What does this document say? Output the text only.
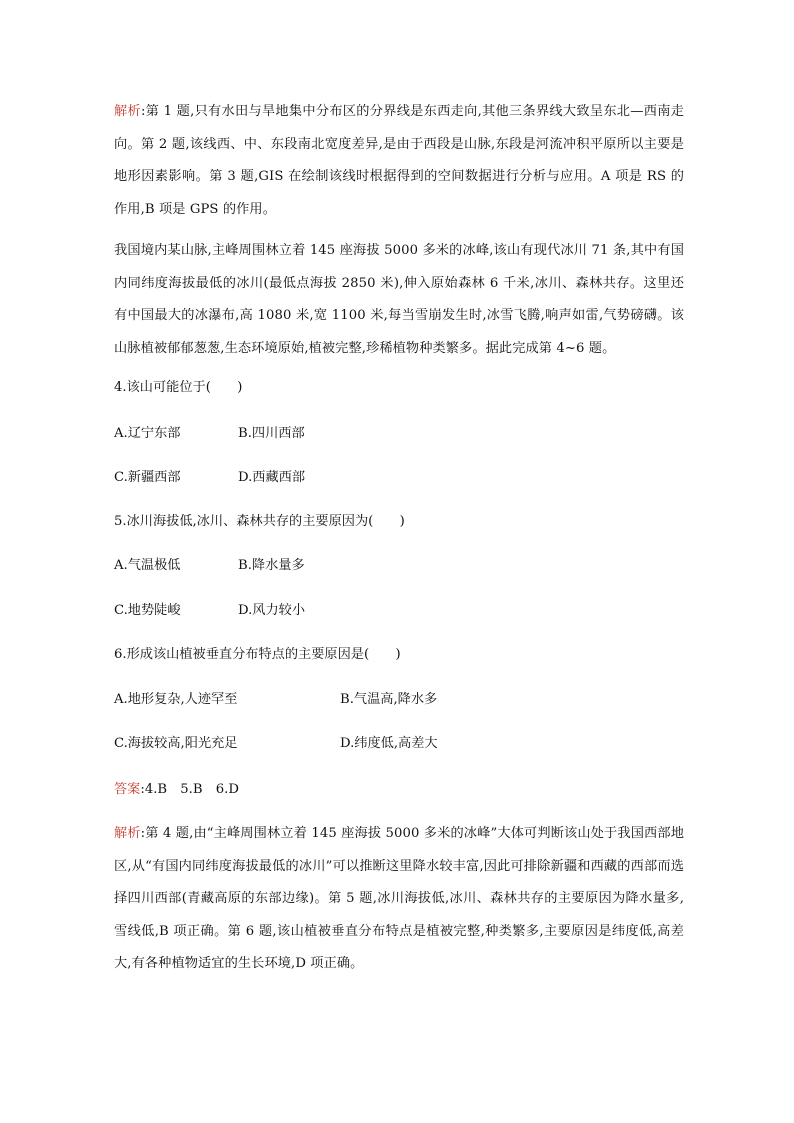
解析:第 1 题,只有水田与旱地集中分布区的分界线是东西走向,其他三条界线大致呈东北—西南走向。第 2 题,该线西、中、东段南北宽度差异,是由于西段是山脉,东段是河流冲积平原所以主要是地形因素影响。第 3 题,GIS 在绘制该线时根据得到的空间数据进行分析与应用。A 项是 RS 的作用,B 项是 GPS 的作用。
我国境内某山脉,主峰周围林立着 145 座海拔 5000 多米的冰峰,该山有现代冰川 71 条,其中有国内同纬度海拔最低的冰川(最低点海拔 2850 米),伸入原始森林 6 千米,冰川、森林共存。这里还有中国最大的冰瀑布,高 1080 米,宽 1100 米,每当雪崩发生时,冰雪飞腾,响声如雷,气势磅礴。该山脉植被郁郁葱葱,生态环境原始,植被完整,珍稀植物种类繁多。据此完成第 4~6 题。
4.该山可能位于(　　)
A.辽宁东部	B.四川西部
C.新疆西部	D.西藏西部
5.冰川海拔低,冰川、森林共存的主要原因为(　　)
A.气温极低	B.降水量多
C.地势陡峻	D.风力较小
6.形成该山植被垂直分布特点的主要原因是(　　)
A.地形复杂,人迹罕至	B.气温高,降水多
C.海拔较高,阳光充足	D.纬度低,高差大
答案:4.B　5.B　6.D
解析:第 4 题,由“主峰周围林立着 145 座海拔 5000 多米的冰峰”大体可判断该山处于我国西部地区,从“有国内同纬度海拔最低的冰川”可以推断这里降水较丰富,因此可排除新疆和西藏的西部而选择四川西部(青藏高原的东部边缘)。第 5 题,冰川海拔低,冰川、森林共存的主要原因为降水量多,雪线低,B 项正确。第 6 题,该山植被垂直分布特点是植被完整,种类繁多,主要原因是纬度低,高差大,有各种植物适宜的生长环境,D 项正确。
